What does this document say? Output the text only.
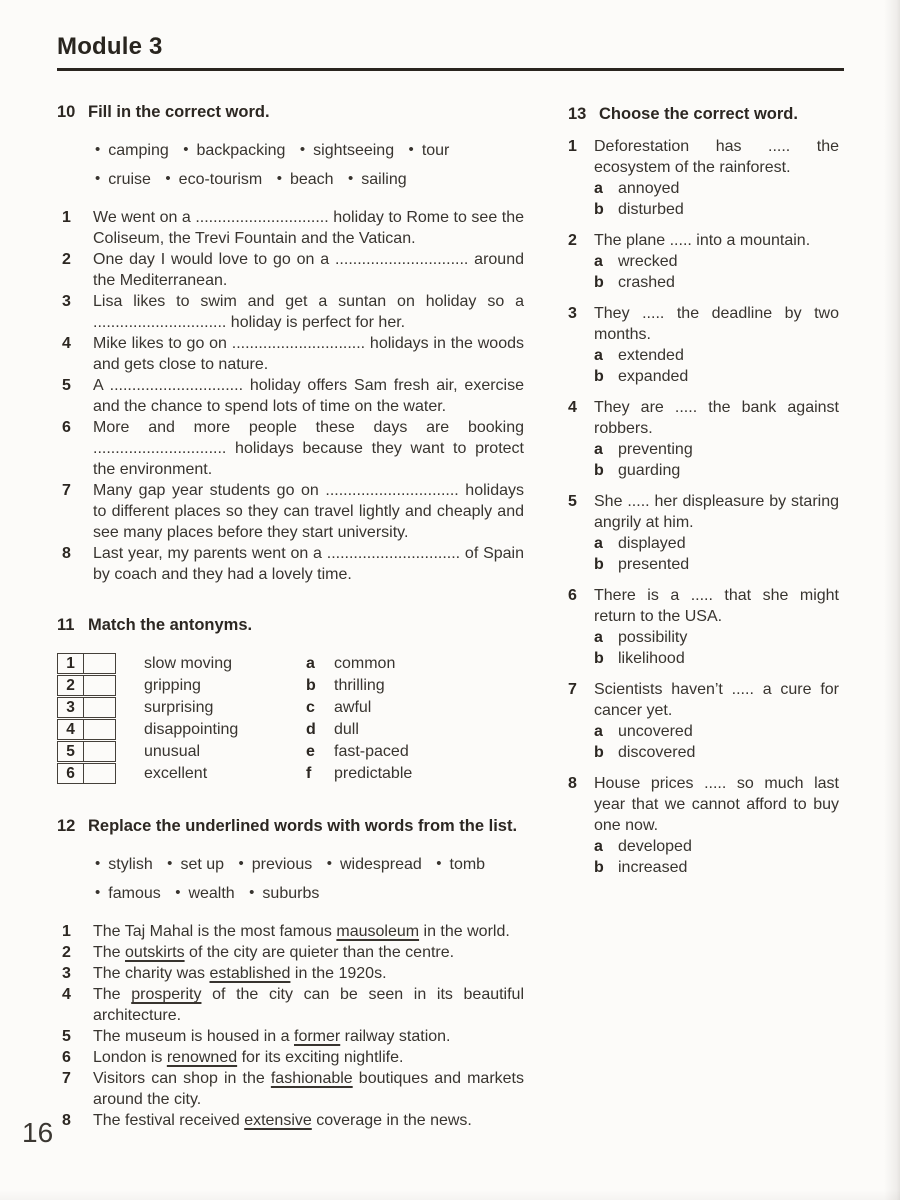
Module 3
10 Fill in the correct word.
• camping • backpacking • sightseeing • tour
• cruise • eco-tourism • beach • sailing
1	We went on a .............................. holiday to Rome to see the Coliseum, the Trevi Fountain and the Vatican.
2	One day I would love to go on a .............................. around the Mediterranean.
3	Lisa likes to swim and get a suntan on holiday so a .............................. holiday is perfect for her.
4	Mike likes to go on .............................. holidays in the woods and gets close to nature.
5	A .............................. holiday offers Sam fresh air, exercise and the chance to spend lots of time on the water.
6	More and more people these days are booking .............................. holidays because they want to protect the environment.
7	Many gap year students go on .............................. holidays to different places so they can travel lightly and cheaply and see many places before they start university.
8	Last year, my parents went on a .............................. of Spain by coach and they had a lovely time.
11 Match the antonyms.
1	slow moving	a	common
2	gripping	b	thrilling
3	surprising	c	awful
4	disappointing	d	dull
5	unusual	e	fast-paced
6	excellent	f	predictable
12 Replace the underlined words with words from the list.
• stylish • set up • previous • widespread • tomb
• famous • wealth • suburbs
1	The Taj Mahal is the most famous mausoleum in the world.
2	The outskirts of the city are quieter than the centre.
3	The charity was established in the 1920s.
4	The prosperity of the city can be seen in its beautiful architecture.
5	The museum is housed in a former railway station.
6	London is renowned for its exciting nightlife.
7	Visitors can shop in the fashionable boutiques and markets around the city.
8	The festival received extensive coverage in the news.
13 Choose the correct word.
1	Deforestation has ..... the ecosystem of the rainforest.
a annoyed
b disturbed
2	The plane ..... into a mountain.
a wrecked
b crashed
3	They ..... the deadline by two months.
a extended
b expanded
4	They are ..... the bank against robbers.
a preventing
b guarding
5	She ..... her displeasure by staring angrily at him.
a displayed
b presented
6	There is a ..... that she might return to the USA.
a possibility
b likelihood
7	Scientists haven’t ..... a cure for cancer yet.
a uncovered
b discovered
8	House prices ..... so much last year that we cannot afford to buy one now.
a developed
b increased
16
